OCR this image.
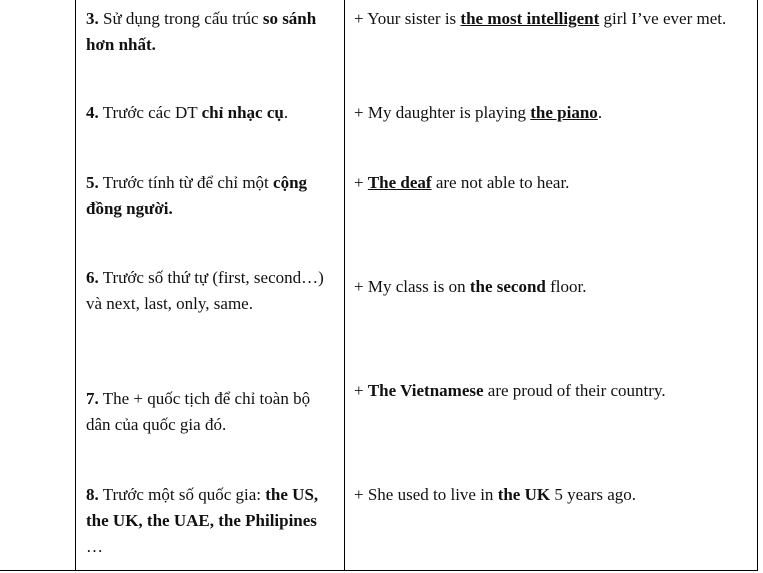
3. Sử dụng trong cấu trúc so sánh hơn nhất.
+ Your sister is the most intelligent girl I’ve ever met.
4. Trước các DT chỉ nhạc cụ.	+ My daughter is playing the piano.
5. Trước tính từ để chỉ một cộng đồng người.
+ The deaf are not able to hear.
6. Trước số thứ tự (first, second…) và next, last, only, same.
+ My class is on the second floor.
7. The + quốc tịch để chỉ toàn bộ dân của quốc gia đó.
+ The Vietnamese are proud of their country.
8. Trước một số quốc gia: the US, the UK, the UAE, the Philipines …
+ She used to live in the UK 5 years ago.
